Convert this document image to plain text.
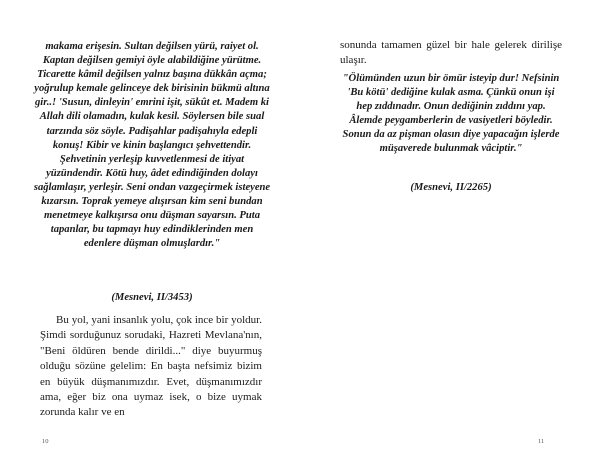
makama erişesin. Sultan değilsen yürü, raiyet ol. Kaptan değilsen gemiyi öyle alabildiğine yürütme. Ticarette kâmil değilsen yalnız başına dükkân açma; yoğrulup kemale gelinceye dek birisinin bükmü altına gir..! 'Susun, dinleyin' emrini işit, sükût et. Madem ki Allah dili olamadın, kulak kesil. Söylersen bile sual tarzında söz söyle. Padişahlar padişahıyla edepli konuş! Kibir ve kinin başlangıcı şehvettendir. Şehvetinin yerleşip kuvvetlenmesi de itiyat yüzündendir. Kötü huy, âdet edindiğinden dolayı sağlamlaşır, yerleşir. Seni ondan vazgeçirmek isteyene kızarsın. Toprak yemeye alışırsan kim seni bundan menetmeye kalkışırsa onu düşman sayarsın. Puta tapanlar, bu tapmayı huy edindiklerinden men edenlere düşman olmuşlardır."

(Mesnevi, II/3453)

Bu yol, yani insanlık yolu, çok ince bir yoldur. Şimdi sorduğunuz sorudaki, Hazreti Mevlana'nın, "Beni öldüren bende dirildi..." diye buyurmuş olduğu sözüne gelelim: En başta nefsimiz bizim en büyük düşmanımızdır. Evet, düşmanımızdır ama, eğer biz ona uymaz isek, o bize uymak zorunda kalır ve en

10

sonunda tamamen güzel bir hale gelerek dirilişe ulaşır.

"Ölümünden uzun bir ömür isteyip dur! Nefsinin 'Bu kötü' dediğine kulak asma. Çünkü onun işi hep zıddınadır. Onun dediğinin zıddını yap. Âlemde peygamberlerin de vasiyetleri böyledir. Sonun da az pişman olasın diye yapacağın işlerde müşaverede bulunmak vâciptir."

(Mesnevi, II/2265)

11
